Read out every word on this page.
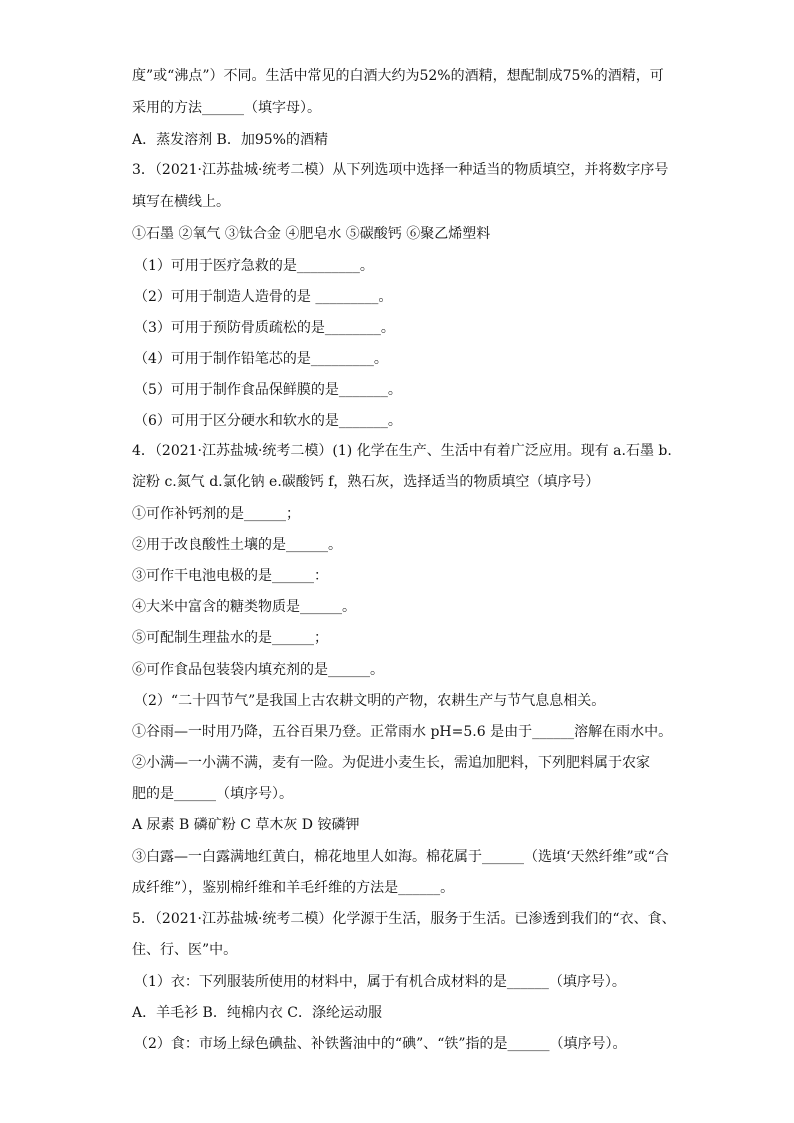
度”或“沸点”）不同。生活中常见的白酒大约为52%的酒精，想配制成75%的酒精，可
采用的方法______（填字母）。
A．蒸发溶剂 B．加95%的酒精
3．（2021·江苏盐城·统考二模）从下列选项中选择一种适当的物质填空，并将数字序号
填写在横线上。
①石墨 ②氧气 ③钛合金 ④肥皂水 ⑤碳酸钙 ⑥聚乙烯塑料
（1）可用于医疗急救的是_________。
（2）可用于制造人造骨的是 _________。
（3）可用于预防骨质疏松的是________。
（4）可用于制作铅笔芯的是_________。
（5）可用于制作食品保鲜膜的是_______。
（6）可用于区分硬水和软水的是_______。
4．（2021·江苏盐城·统考二模）(1) 化学在生产、生活中有着广泛应用。现有 a.石墨 b.
淀粉 c.氮气 d.氯化钠 e.碳酸钙 f，熟石灰，选择适当的物质填空（填序号）
①可作补钙剂的是______；
②用于改良酸性土壤的是______。
③可作干电池电极的是______：
④大米中富含的糖类物质是______。
⑤可配制生理盐水的是______；
⑥可作食品包装袋内填充剂的是______。
（2）“二十四节气”是我国上古农耕文明的产物，农耕生产与节气息息相关。
①谷雨—一时用乃降，五谷百果乃登。正常雨水 pH=5.6 是由于______溶解在雨水中。
②小满—一小满不满，麦有一险。为促进小麦生长，需追加肥料，下列肥料属于农家
肥的是______（填序号）。
A 尿素 B 磷矿粉 C 草木灰 D 铵磷钾
③白露—一白露满地红黄白，棉花地里人如海。棉花属于______（选填‘天然纤维”或“合
成纤维”），鉴别棉纤维和羊毛纤维的方法是______。
5．（2021·江苏盐城·统考二模）化学源于生活，服务于生活。已渗透到我们的“衣、食、
住、行、医”中。
（1）衣：下列服装所使用的材料中，属于有机合成材料的是______（填序号）。
A．羊毛衫 B．纯棉内衣 C．涤纶运动服
（2）食：市场上绿色碘盐、补铁酱油中的“碘”、“铁”指的是______（填序号）。
